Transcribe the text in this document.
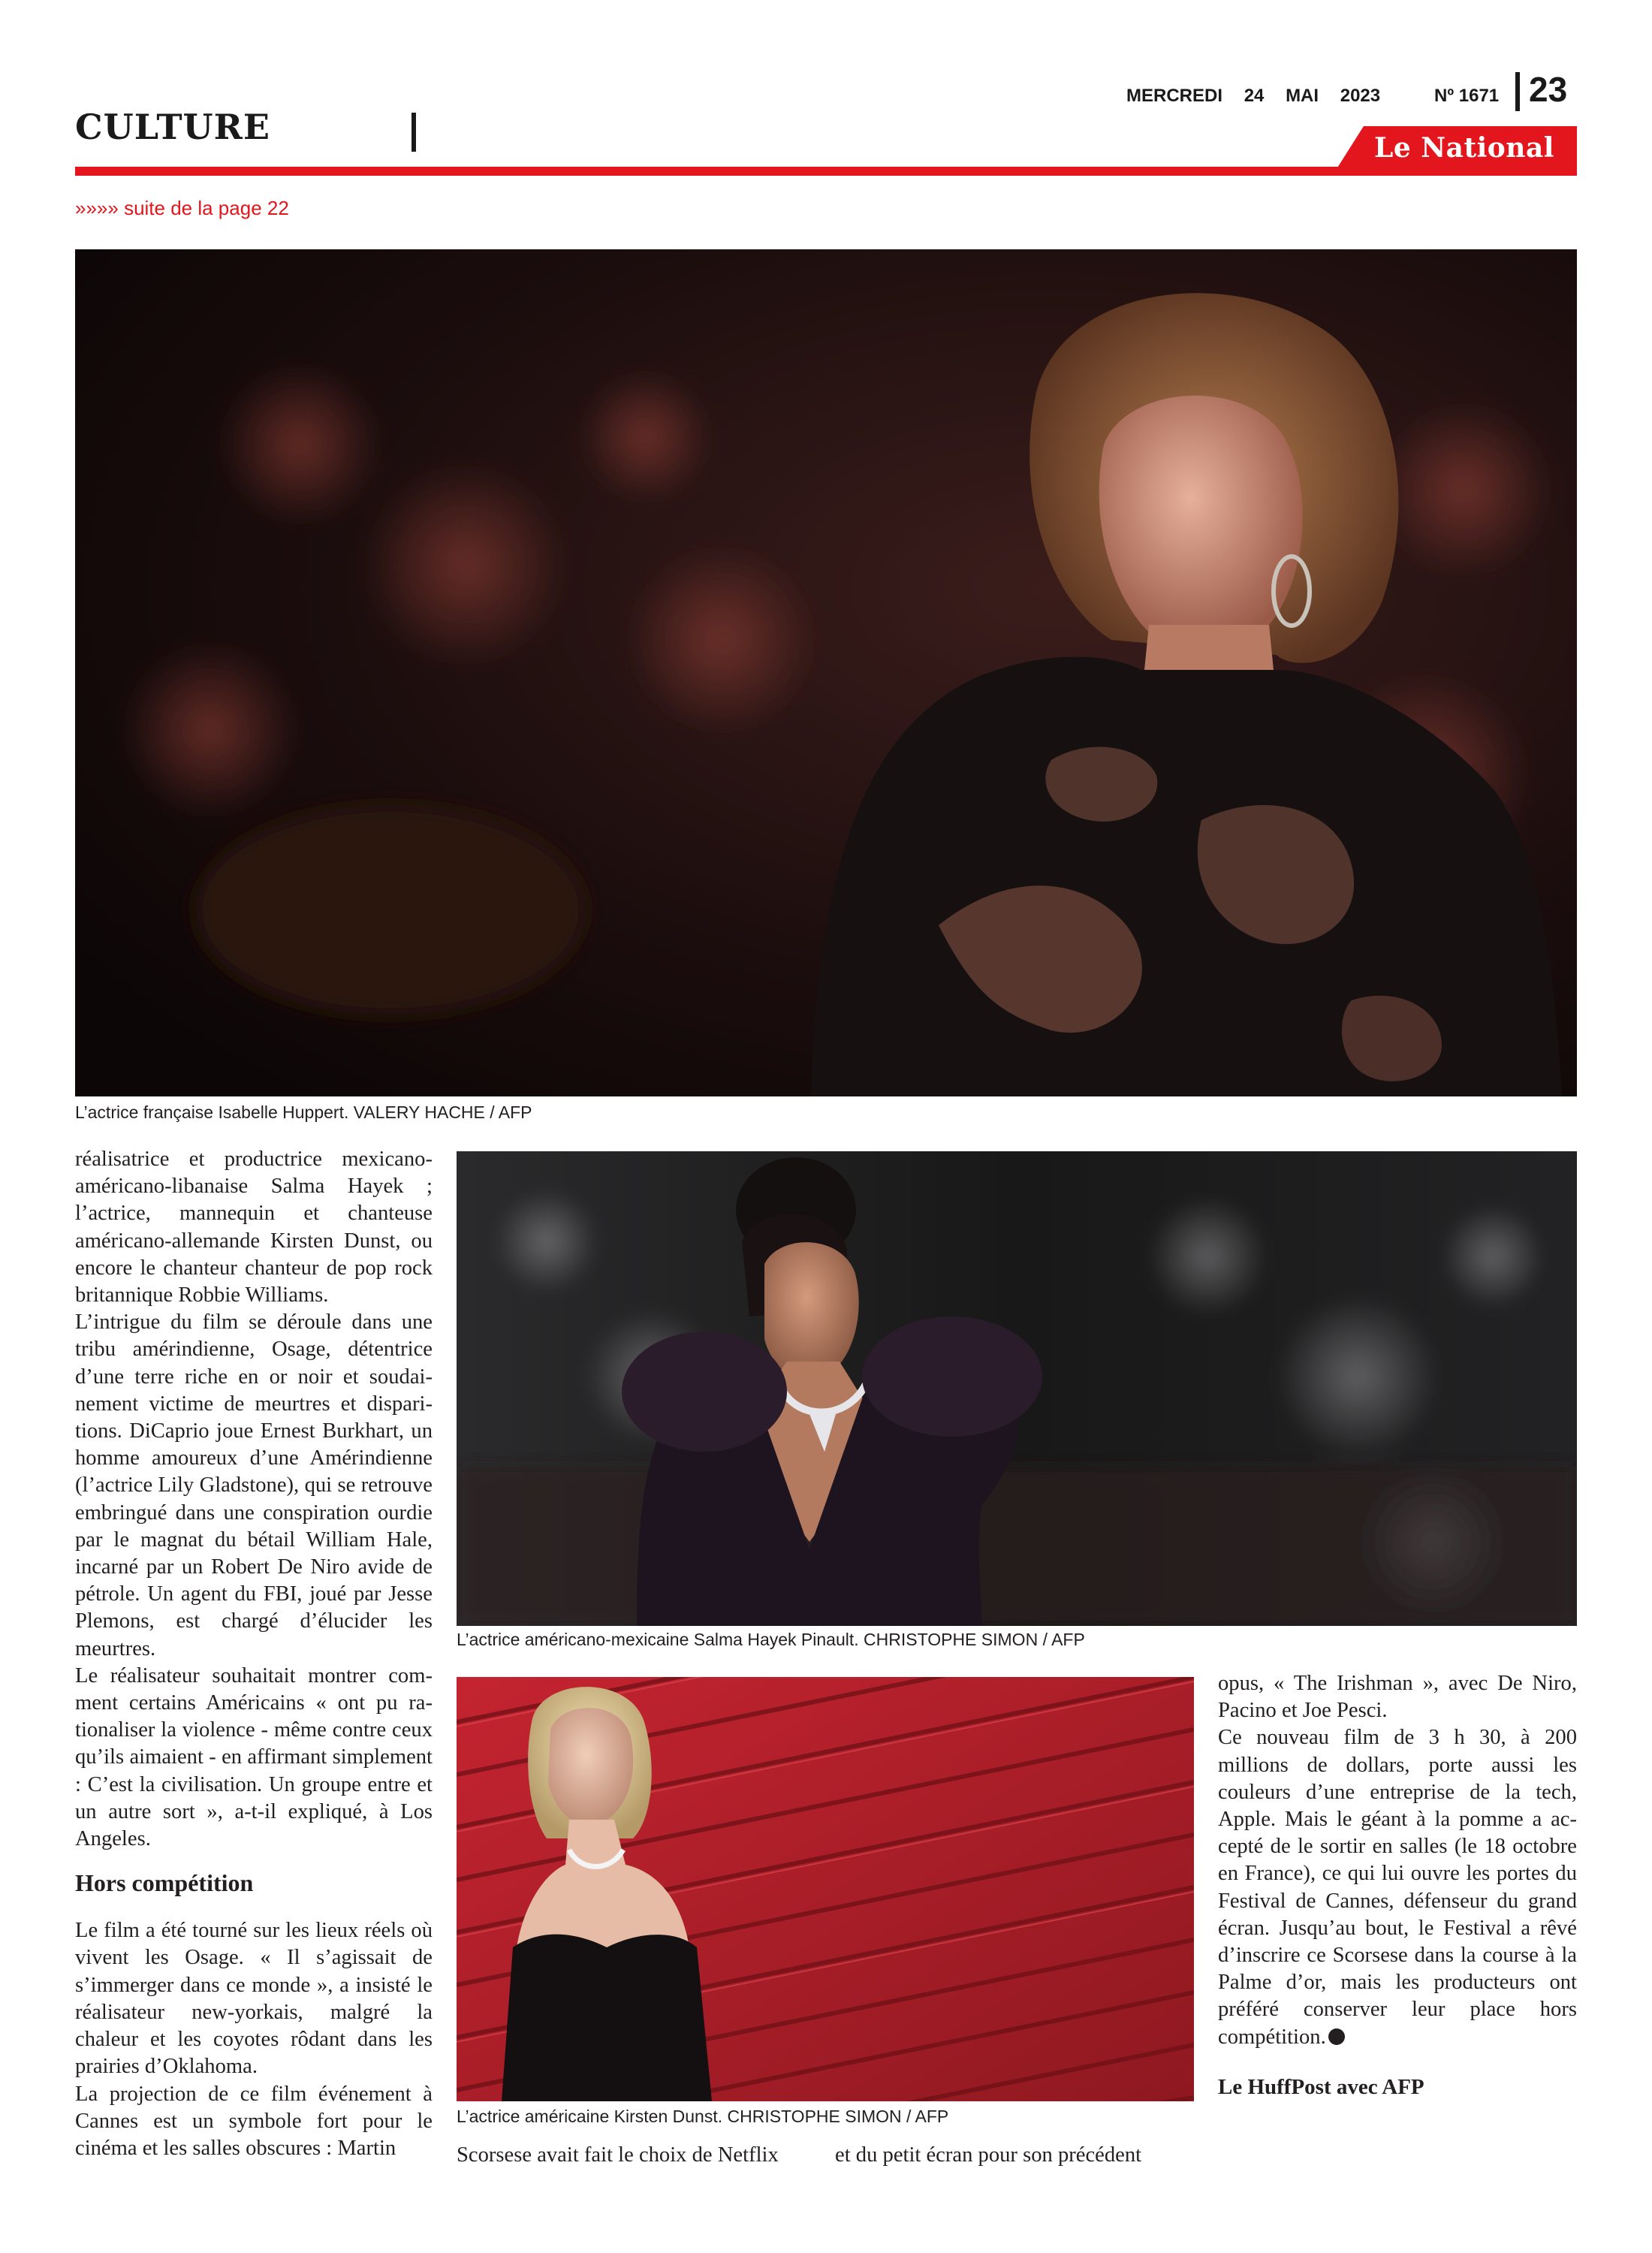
CULTURE
MERCREDI 24 MAI 2023	Nº 1671 23
Le National
»»»» suite de la page 22
L’actrice française Isabelle Huppert. VALERY HACHE / AFP
L’actrice américano-mexicaine Salma Hayek Pinault. CHRISTOPHE SIMON / AFP
L’actrice américaine Kirsten Dunst. CHRISTOPHE SIMON / AFP

réalisatrice et productrice mexicano-américano-libanaise Salma Hayek ; l’actrice, mannequin et chanteuse américano-allemande Kirsten Dunst, ou encore le chanteur chanteur de pop rock britannique Robbie Williams.

L’intrigue du film se déroule dans une tribu amérindienne, Osage, détentrice d’une terre riche en or noir et soudainement victime de meurtres et disparitions. DiCaprio joue Ernest Burkhart, un homme amoureux d’une Amérindienne (l’actrice Lily Gladstone), qui se retrouve embringué dans une conspiration ourdie par le magnat du bétail William Hale, incarné par un Robert De Niro avide de pétrole. Un agent du FBI, joué par Jesse Plemons, est chargé d’élucider les meurtres.

Le réalisateur souhaitait montrer comment certains Américains « ont pu rationaliser la violence - même contre ceux qu’ils aimaient - en affirmant simplement : C’est la civilisation. Un groupe entre et un autre sort », a-t-il expliqué, à Los Angeles.

Hors compétition

Le film a été tourné sur les lieux réels où vivent les Osage. « Il s’agissait de s’immerger dans ce monde », a insisté le réalisateur new-yorkais, malgré la chaleur et les coyotes rôdant dans les prairies d’Oklahoma.

La projection de ce film événement à Cannes est un symbole fort pour le cinéma et les salles obscures : Martin	Scorsese avait fait le choix de Netflix	et du petit écran pour son précédent

opus, « The Irishman », avec De Niro, Pacino et Joe Pesci.

Ce nouveau film de 3 h 30, à 200 millions de dollars, porte aussi les couleurs d’une entreprise de la tech, Apple. Mais le géant à la pomme a accepté de le sortir en salles (le 18 octobre en France), ce qui lui ouvre les portes du Festival de Cannes, défenseur du grand écran. Jusqu’au bout, le Festival a rêvé d’inscrire ce Scorsese dans la course à la Palme d’or, mais les producteurs ont préféré conserver leur place hors compétition.

Le HuffPost avec AFP
